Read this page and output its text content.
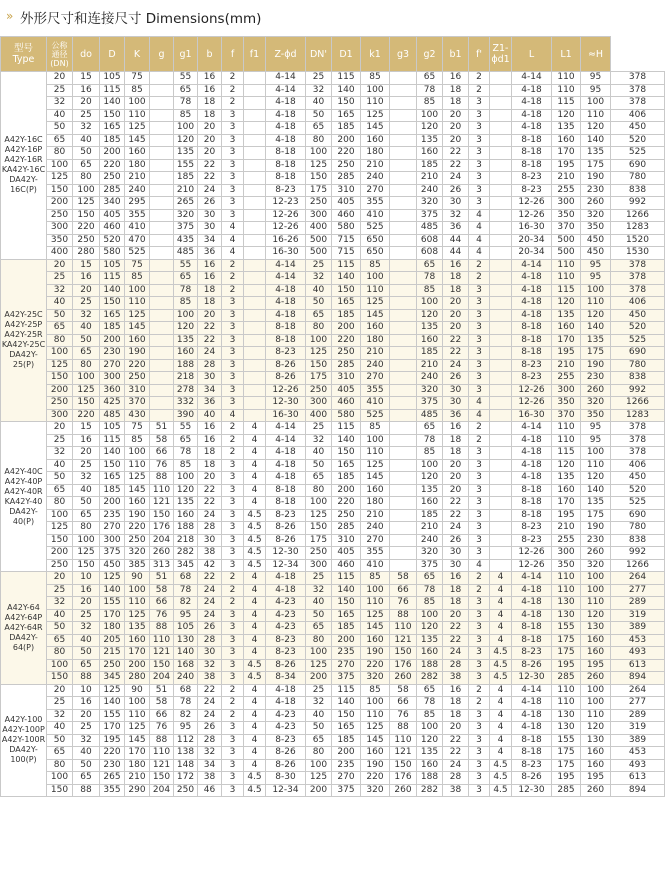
» 外形尺寸和连接尺寸 Dimensions(mm)
型号
Type	公称
通径
(DN)	do	D	K	g	g1	b	f	f1	Z-ϕd	DN'	D1	k1	g3	g2	b1	f'	Z1-ϕd1	L	L1	≈H	

A42Y-16C
A42Y-16P
A42Y-16R
KA42Y-16C
DA42Y-16C(P)	20	15	105	75		55	16	2		4-14	25	115	85		65	16	2		4-14	110	95	378
	25	16	115	85		65	16	2		4-14	32	140	100		78	18	2		4-18	110	95	378
	32	20	140	100		78	18	2		4-18	40	150	110		85	18	3		4-18	115	100	378
	40	25	150	110		85	18	3		4-18	50	165	125		100	20	3		4-18	120	110	406
	50	32	165	125		100	20	3		4-18	65	185	145		120	20	3		4-18	135	120	450
	65	40	185	145		120	20	3		4-18	80	200	160		135	20	3		8-18	160	140	520
	80	50	200	160		135	20	3		8-18	100	220	180		160	22	3		8-18	170	135	525
	100	65	220	180		155	22	3		8-18	125	250	210		185	22	3		8-18	195	175	690
	125	80	250	210		185	22	3		8-18	150	285	240		210	24	3		8-23	210	190	780
	150	100	285	240		210	24	3		8-23	175	310	270		240	26	3		8-23	255	230	838
	200	125	340	295		265	26	3		12-23	250	405	355		320	30	3		12-26	300	260	992
	250	150	405	355		320	30	3		12-26	300	460	410		375	32	4		12-26	350	320	1266
	300	220	460	410		375	30	4		12-26	400	580	525		485	36	4		16-30	370	350	1283
	350	250	520	470		435	34	4		16-26	500	715	650		608	44	4		20-34	500	450	1520
	400	280	580	525		485	36	4		16-30	500	715	650		608	44	4		20-34	500	450	1530

A42Y-25C
A42Y-25P
A42Y-25R
KA42Y-25C
DA42Y-25(P)	20	15	105	75		55	16	2		4-14	25	115	85		65	16	2		4-14	110	95	378
	25	16	115	85		65	16	2		4-14	32	140	100		78	18	2		4-18	110	95	378
	32	20	140	100		78	18	2		4-18	40	150	110		85	18	3		4-18	115	100	378
	40	25	150	110		85	18	3		4-18	50	165	125		100	20	3		4-18	120	110	406
	50	32	165	125		100	20	3		4-18	65	185	145		120	20	3		4-18	135	120	450
	65	40	185	145		120	22	3		8-18	80	200	160		135	20	3		8-18	160	140	520
	80	50	200	160		135	22	3		8-18	100	220	180		160	22	3		8-18	170	135	525
	100	65	230	190		160	24	3		8-23	125	250	210		185	22	3		8-18	195	175	690
	125	80	270	220		188	28	3		8-26	150	285	240		210	24	3		8-23	210	190	780
	150	100	300	250		218	30	3		8-26	175	310	270		240	26	3		8-23	255	230	838
	200	125	360	310		278	34	3		12-26	250	405	355		320	30	3		12-26	300	260	992
	250	150	425	370		332	36	3		12-30	300	460	410		375	30	4		12-26	350	320	1266
	300	220	485	430		390	40	4		16-30	400	580	525		485	36	4		16-30	370	350	1283

A42Y-40C
A42Y-40P
A42Y-40R
KA42Y-40
DA42Y-40(P)	20	15	105	75	51	55	16	2	4	4-14	25	115	85		65	16	2		4-14	110	95	378
	25	16	115	85	58	65	16	2	4	4-14	32	140	100		78	18	2		4-18	110	95	378
	32	20	140	100	66	78	18	2	4	4-18	40	150	110		85	18	3		4-18	115	100	378
	40	25	150	110	76	85	18	3	4	4-18	50	165	125		100	20	3		4-18	120	110	406
	50	32	165	125	88	100	20	3	4	4-18	65	185	145		120	20	3		4-18	135	120	450
	65	40	185	145	110	120	22	3	4	8-18	80	200	160		135	20	3		8-18	160	140	520
	80	50	200	160	121	135	22	3	4	8-18	100	220	180		160	22	3		8-18	170	135	525
	100	65	235	190	150	160	24	3	4.5	8-23	125	250	210		185	22	3		8-18	195	175	690
	125	80	270	220	176	188	28	3	4.5	8-26	150	285	240		210	24	3		8-23	210	190	780
	150	100	300	250	204	218	30	3	4.5	8-26	175	310	270		240	26	3		8-23	255	230	838
	200	125	375	320	260	282	38	3	4.5	12-30	250	405	355		320	30	3		12-26	300	260	992
	250	150	450	385	313	345	42	3	4.5	12-34	300	460	410		375	30	4		12-26	350	320	1266

A42Y-64
A42Y-64P
A42Y-64R
DA42Y-64(P)	20	10	125	90	51	68	22	2	4	4-18	25	115	85	58	65	16	2	4	4-14	110	100	264
	25	16	140	100	58	78	24	2	4	4-18	32	140	100	66	78	18	2	4	4-18	110	100	277
	32	20	155	110	66	82	24	2	4	4-23	40	150	110	76	85	18	3	4	4-18	130	110	289
	40	25	170	125	76	95	24	3	4	4-23	50	165	125	88	100	20	3	4	4-18	130	120	319
	50	32	180	135	88	105	26	3	4	4-23	65	185	145	110	120	22	3	4	8-18	155	130	389
	65	40	205	160	110	130	28	3	4	8-23	80	200	160	121	135	22	3	4	8-18	175	160	453
	80	50	215	170	121	140	30	3	4	8-23	100	235	190	150	160	24	3	4.5	8-23	175	160	493
	100	65	250	200	150	168	32	3	4.5	8-26	125	270	220	176	188	28	3	4.5	8-26	195	195	613
	150	88	345	280	204	240	38	3	4.5	8-34	200	375	320	260	282	38	3	4.5	12-30	285	260	894

A42Y-100
A42Y-100P
A42Y-100R
DA42Y-100(P)	20	10	125	90	51	68	22	2	4	4-18	25	115	85	58	65	16	2	4	4-14	110	100	264
	25	16	140	100	58	78	24	2	4	4-18	32	140	100	66	78	18	2	4	4-18	110	100	277
	32	20	155	110	66	82	24	2	4	4-23	40	150	110	76	85	18	3	4	4-18	130	110	289
	40	25	170	125	76	95	26	3	4	4-23	50	165	125	88	100	20	3	4	4-18	130	120	319
	50	32	195	145	88	112	28	3	4	8-23	65	185	145	110	120	22	3	4	8-18	155	130	389
	65	40	220	170	110	138	32	3	4	8-26	80	200	160	121	135	22	3	4	8-18	175	160	453
	80	50	230	180	121	148	34	3	4	8-26	100	235	190	150	160	24	3	4.5	8-23	175	160	493
	100	65	265	210	150	172	38	3	4.5	8-30	125	270	220	176	188	28	3	4.5	8-26	195	195	613
	150	88	355	290	204	250	46	3	4.5	12-34	200	375	320	260	282	38	3	4.5	12-30	285	260	894
